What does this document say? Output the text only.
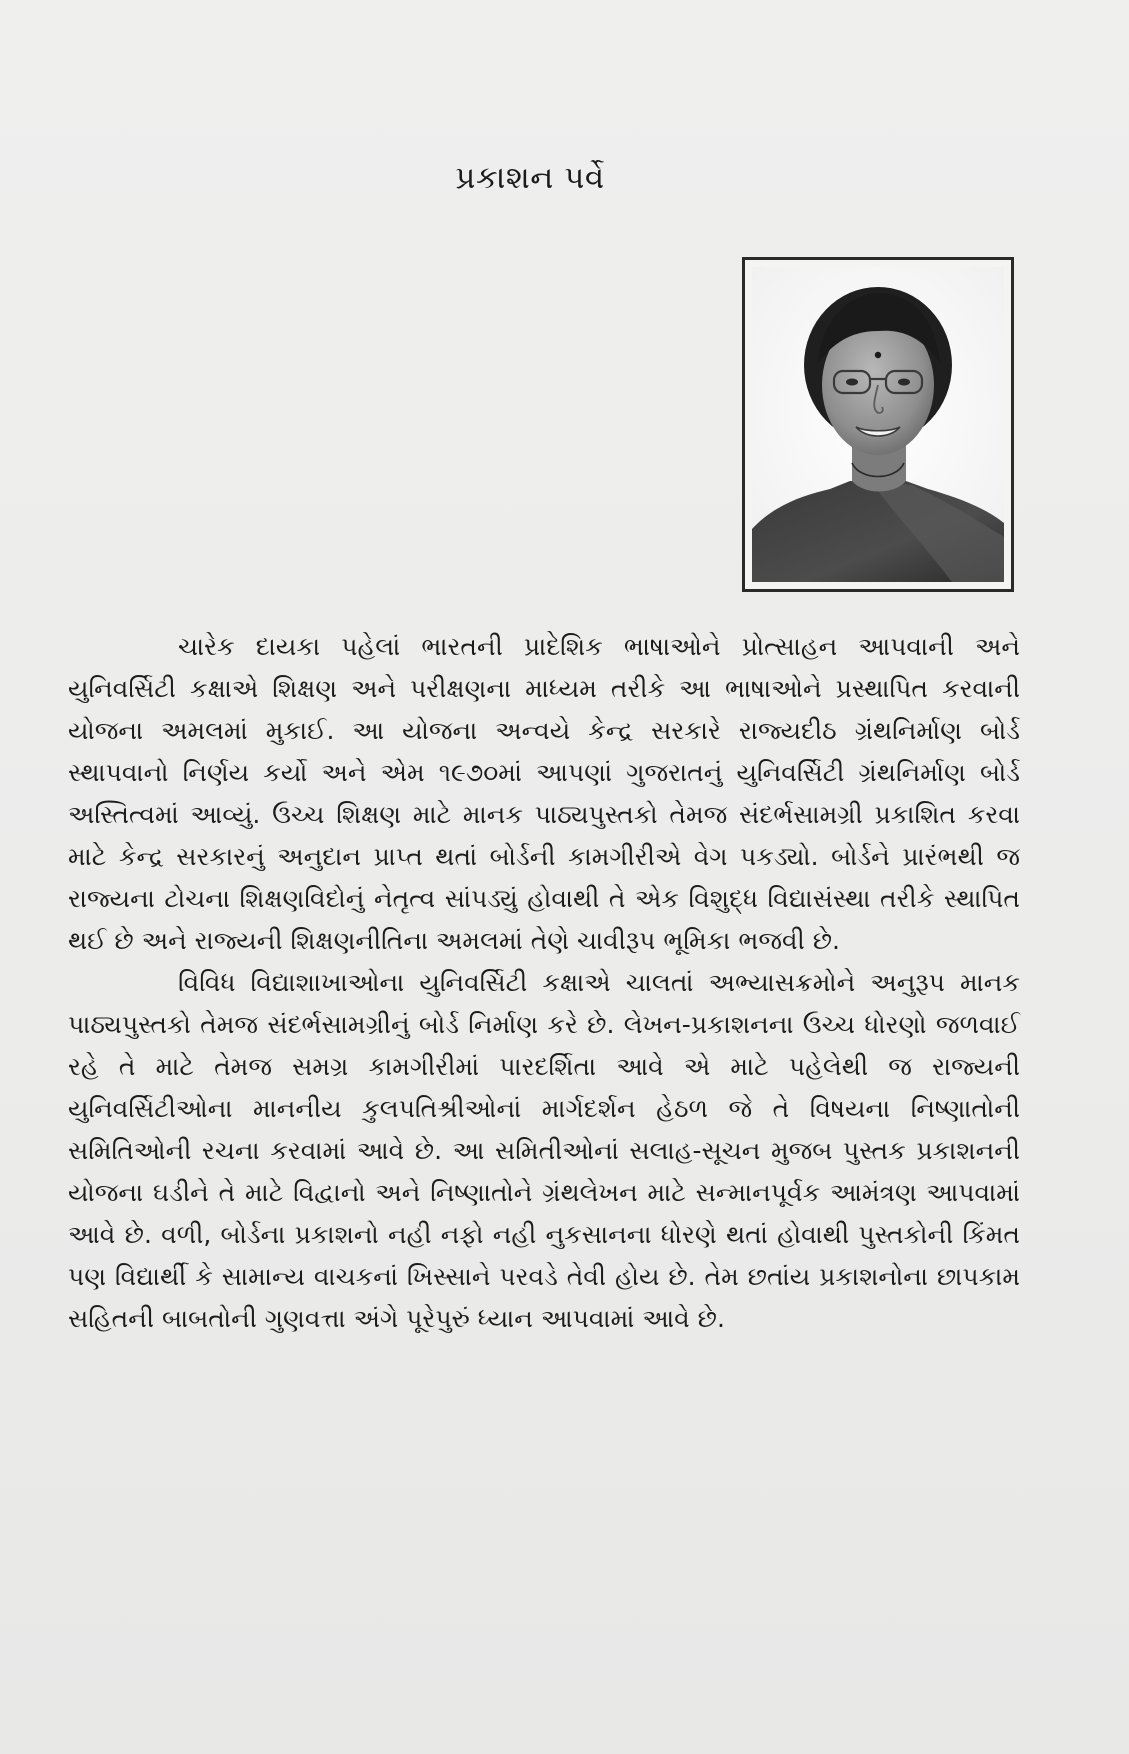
પ્રકાશન પર્વે

ચારેક દાયકા પહેલાં ભારતની પ્રાદેશિક ભાષાઓને પ્રોત્સાહન આપવાની અને યુનિવર્સિટી કક્ષાએ શિક્ષણ અને પરીક્ષણના માધ્યમ તરીકે આ ભાષાઓને પ્રસ્થાપિત કરવાની યોજના અમલમાં મુકાઈ. આ યોજના અન્વયે કેન્દ્ર સરકારે રાજ્યદીઠ ગ્રંથનિર્માણ બોર્ડ સ્થાપવાનો નિર્ણય કર્યો અને એમ ૧૯૭૦માં આપણાં ગુજરાતનું યુનિવર્સિટી ગ્રંથનિર્માણ બોર્ડ અસ્તિત્વમાં આવ્યું. ઉચ્ચ શિક્ષણ માટે માનક પાઠ્યપુસ્તકો તેમજ સંદર્ભસામગ્રી પ્રકાશિત કરવા માટે કેન્દ્ર સરકારનું અનુદાન પ્રાપ્ત થતાં બોર્ડની કામગીરીએ વેગ પકડ્યો. બોર્ડને પ્રારંભથી જ રાજ્યના ટોચના શિક્ષણવિદોનું નેતૃત્વ સાંપડ્યું હોવાથી તે એક વિશુદ્ધ વિદ્યાસંસ્થા તરીકે સ્થાપિત થઈ છે અને રાજ્યની શિક્ષણનીતિના અમલમાં તેણે ચાવીરૂપ ભૂમિકા ભજવી છે.

વિવિધ વિદ્યાશાખાઓના યુનિવર્સિટી કક્ષાએ ચાલતાં અભ્યાસક્રમોને અનુરૂપ માનક પાઠ્યપુસ્તકો તેમજ સંદર્ભસામગ્રીનું બોર્ડ નિર્માણ કરે છે. લેખન-પ્રકાશનના ઉચ્ચ ધોરણો જળવાઈ રહે તે માટે તેમજ સમગ્ર કામગીરીમાં પારદર્શિતા આવે એ માટે પહેલેથી જ રાજ્યની યુનિવર્સિટીઓના માનનીય કુલપતિશ્રીઓનાં માર્ગદર્શન હેઠળ જે તે વિષયના નિષ્ણાતોની સમિતિઓની રચના કરવામાં આવે છે. આ સમિતીઓનાં સલાહ-સૂચન મુજબ પુસ્તક પ્રકાશનની યોજના ઘડીને તે માટે વિદ્વાનો અને નિષ્ણાતોને ગ્રંથલેખન માટે સન્માનપૂર્વક આમંત્રણ આપવામાં આવે છે. વળી, બોર્ડના પ્રકાશનો નહી નફો નહી નુકસાનના ધોરણે થતાં હોવાથી પુસ્તકોની કિંમત પણ વિદ્યાર્થી કે સામાન્ય વાચકનાં ખિસ્સાને પરવડે તેવી હોય છે. તેમ છતાંય પ્રકાશનોના છાપકામ સહિતની બાબતોની ગુણવત્તા અંગે પૂરેપુરું ધ્યાન આપવામાં આવે છે.
